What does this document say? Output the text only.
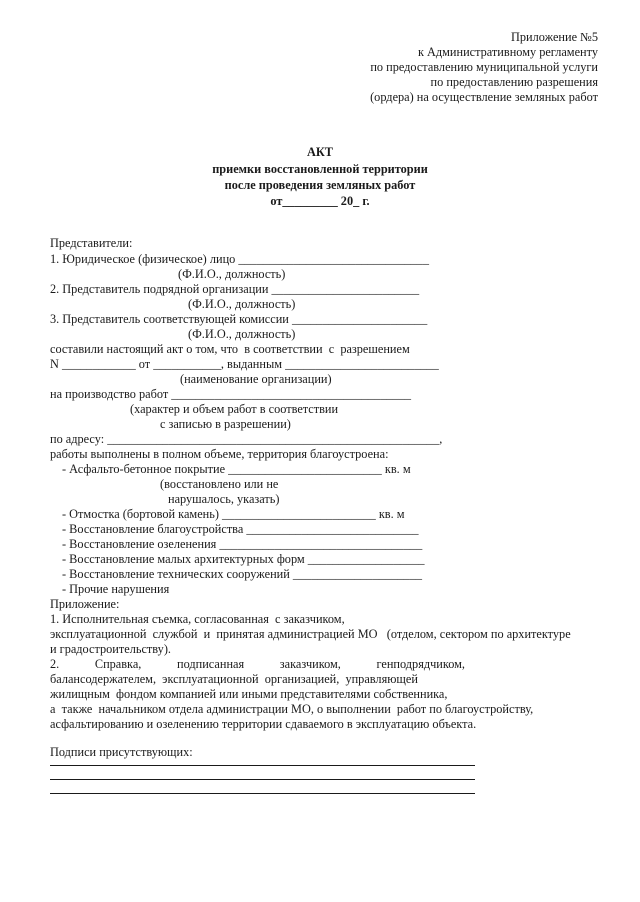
Приложение №5
к Административному регламенту
по предоставлению муниципальной услуги
по предоставлению разрешения
(ордера) на осуществление земляных работ
АКТ
приемки восстановленной территории
после проведения земляных работ
от_________ 20_ г.
Представители:
1. Юридическое (физическое) лицо _______________________________
(Ф.И.О., должность)
2. Представитель подрядной организации ________________________
(Ф.И.О., должность)
3. Представитель соответствующей комиссии ______________________
(Ф.И.О., должность)
составили настоящий акт о том, что  в соответствии  с  разрешением
N ____________ от ___________, выданным _________________________
(наименование организации)
на производство работ _______________________________________
(характер и объем работ в соответствии
с записью в разрешении)
по адресу: ______________________________________________________,
работы выполнены в полном объеме, территория благоустроена:
- Асфальто-бетонное покрытие _________________________ кв. м
(восстановлено или не
нарушалось, указать)
- Отмостка (бортовой камень) _________________________ кв. м
- Восстановление благоустройства ____________________________
- Восстановление озеленения _________________________________
- Восстановление малых архитектурных форм ___________________
- Восстановление технических сооружений _____________________
- Прочие нарушения
Приложение:
1. Исполнительная съемка, согласованная  с заказчиком,
эксплуатационной  службой  и  принятая администрацией МО   (отделом, сектором по архитектуре
и градостроительству).
2. Справка, подписанная заказчиком, генподрядчиком,
балансодержателем,  эксплуатационной  организацией,  управляющей
жилищным  фондом компанией или иными представителями собственника,
а  также  начальником отдела администрации МО, о выполнении  работ по благоустройству,
асфальтированию и озеленению территории сдаваемого в эксплуатацию объекта.
Подписи присутствующих:
